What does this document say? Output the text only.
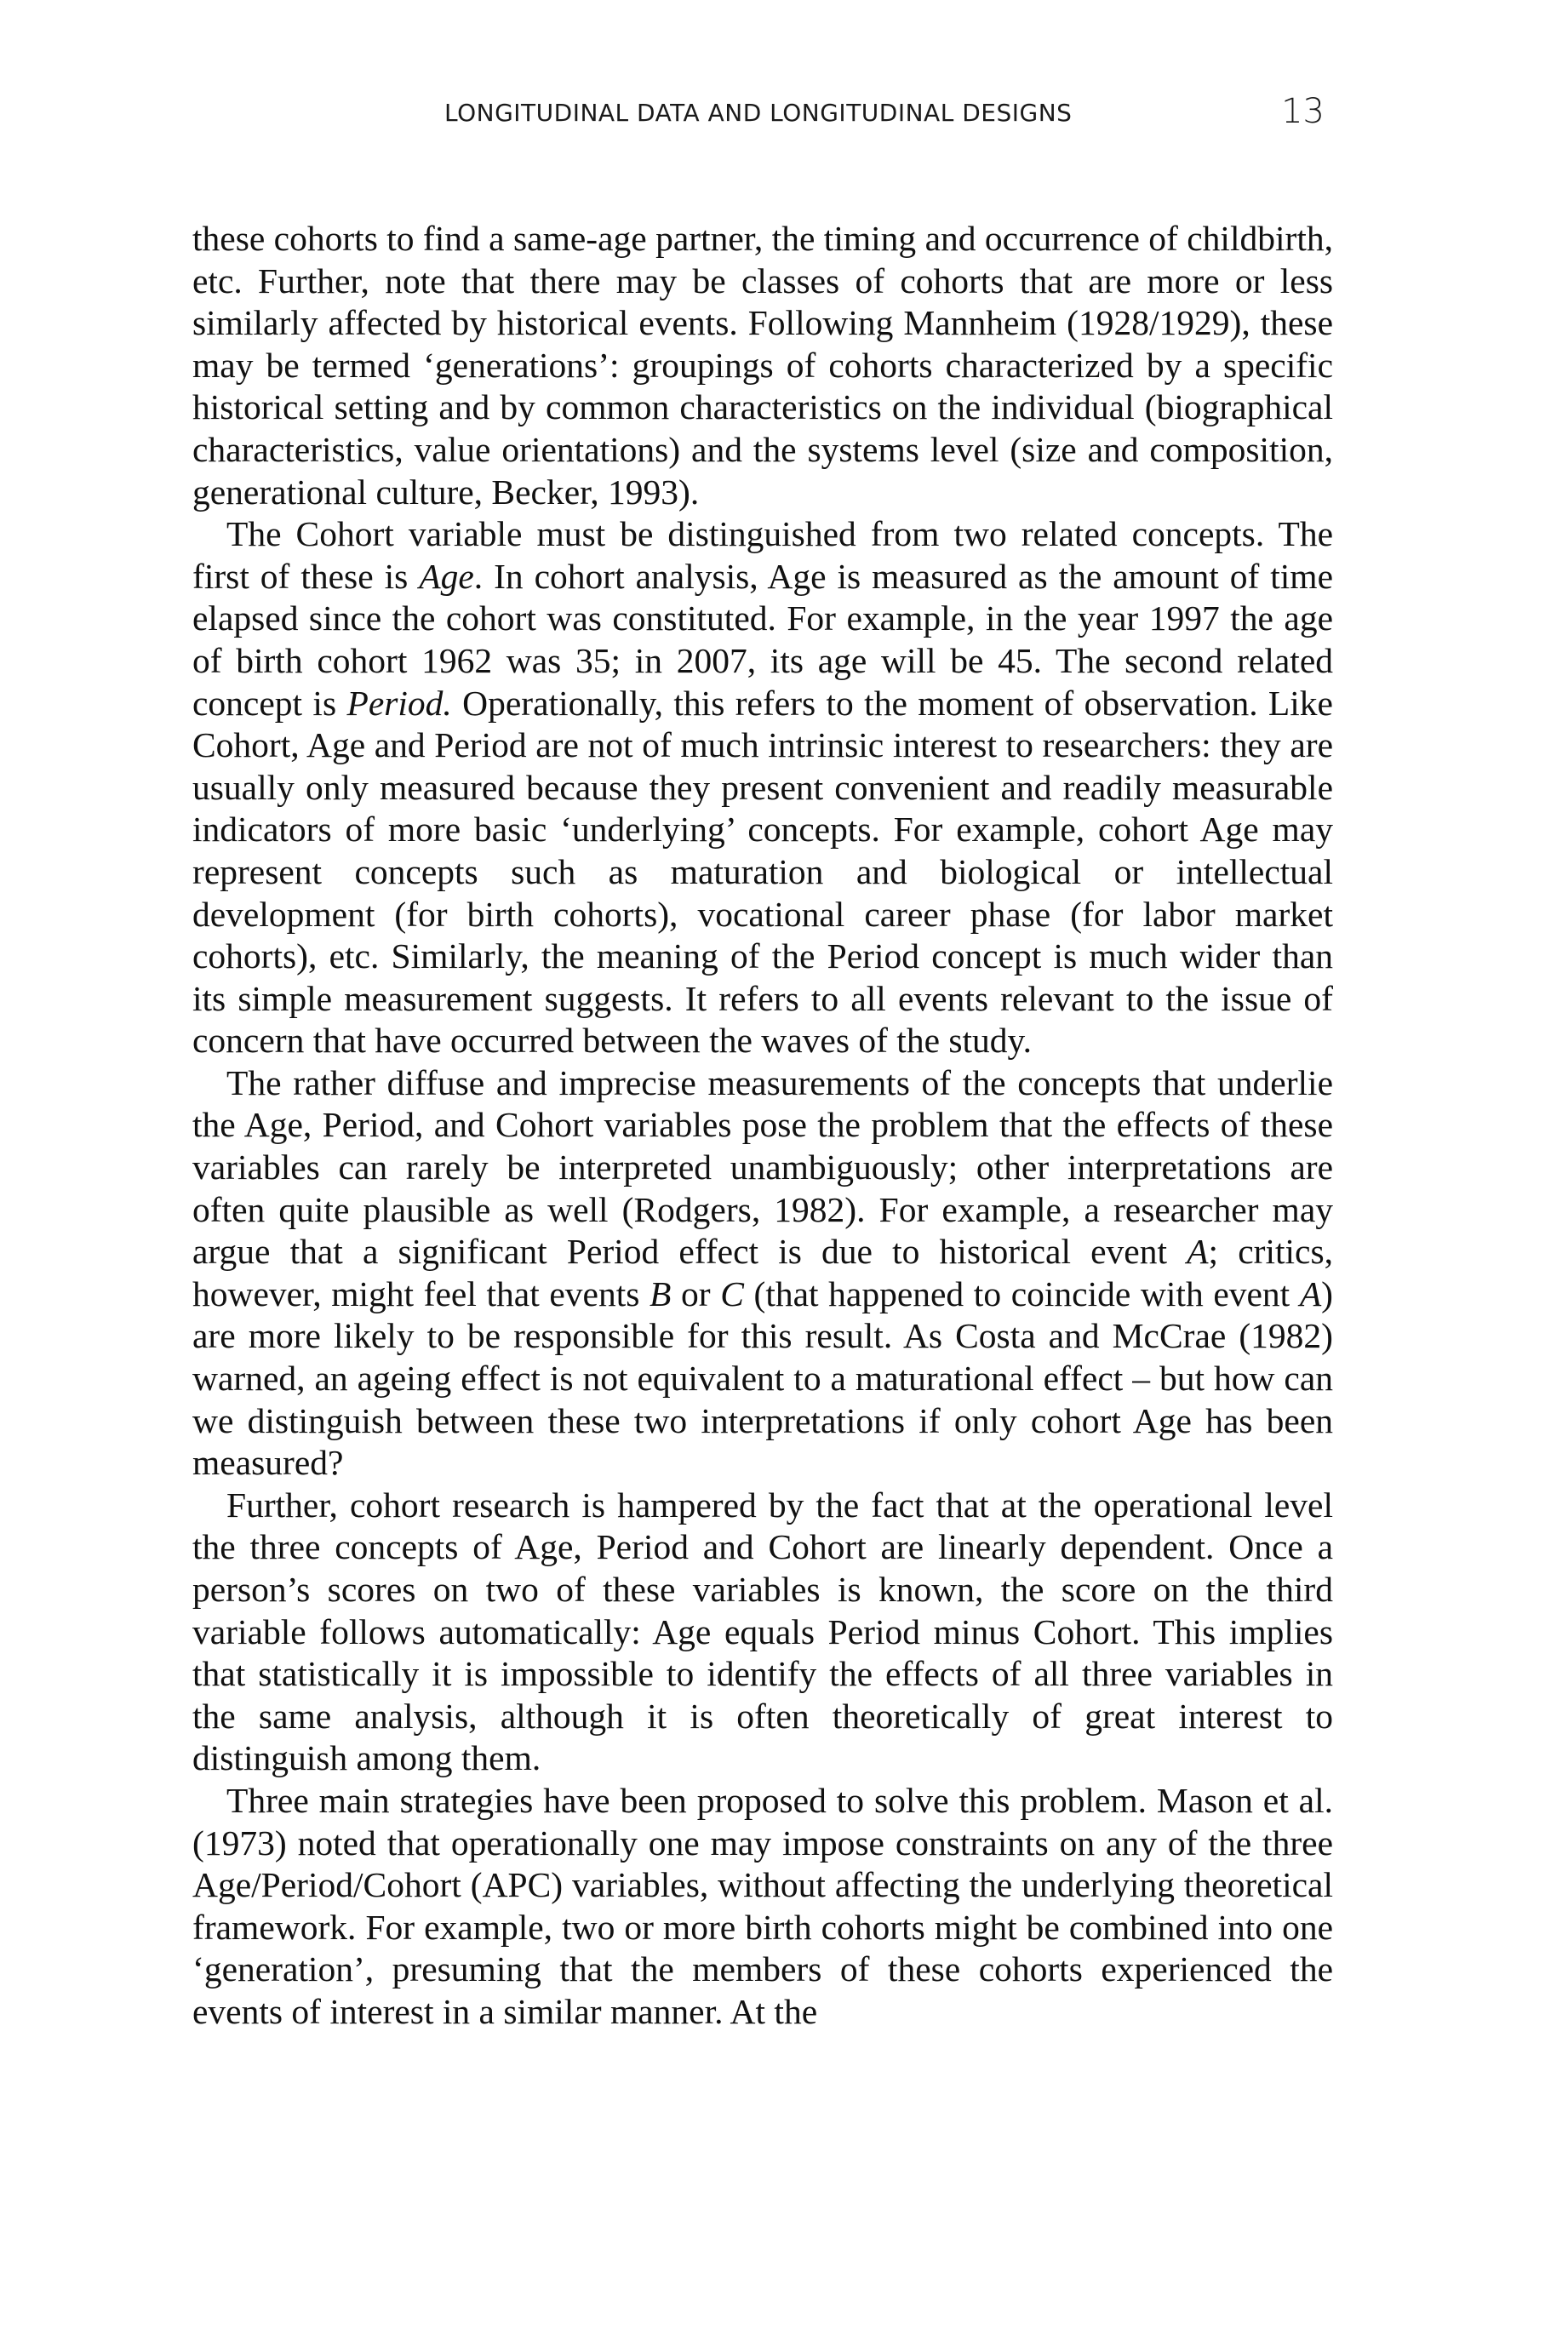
LONGITUDINAL DATA AND LONGITUDINAL DESIGNS	13

these cohorts to find a same-age partner, the timing and occurrence of childbirth, etc. Further, note that there may be classes of cohorts that are more or less similarly affected by historical events. Following Mannheim (1928/1929), these may be termed ‘generations’: groupings of cohorts characterized by a specific historical setting and by common characteristics on the individual (biographical characteristics, value orientations) and the systems level (size and composition, generational culture, Becker, 1993).

The Cohort variable must be distinguished from two related concepts. The first of these is Age. In cohort analysis, Age is measured as the amount of time elapsed since the cohort was constituted. For example, in the year 1997 the age of birth cohort 1962 was 35; in 2007, its age will be 45. The second related concept is Period. Operationally, this refers to the moment of observation. Like Cohort, Age and Period are not of much intrinsic interest to researchers: they are usually only measured because they present convenient and readily measurable indicators of more basic ‘underlying’ concepts. For example, cohort Age may represent concepts such as maturation and biological or intellectual development (for birth cohorts), vocational career phase (for labor market cohorts), etc. Similarly, the meaning of the Period concept is much wider than its simple measurement suggests. It refers to all events relevant to the issue of concern that have occurred between the waves of the study.

The rather diffuse and imprecise measurements of the concepts that underlie the Age, Period, and Cohort variables pose the problem that the effects of these variables can rarely be interpreted unambiguously; other interpretations are often quite plausible as well (Rodgers, 1982). For example, a researcher may argue that a significant Period effect is due to historical event A; critics, however, might feel that events B or C (that happened to coincide with event A) are more likely to be responsible for this result. As Costa and McCrae (1982) warned, an ageing effect is not equivalent to a maturational effect – but how can we distinguish between these two interpretations if only cohort Age has been measured?

Further, cohort research is hampered by the fact that at the operational level the three concepts of Age, Period and Cohort are linearly dependent. Once a person’s scores on two of these variables is known, the score on the third variable follows automatically: Age equals Period minus Cohort. This implies that statistically it is impossible to identify the effects of all three variables in the same analysis, although it is often theoretically of great interest to distinguish among them.

Three main strategies have been proposed to solve this problem. Mason et al. (1973) noted that operationally one may impose constraints on any of the three Age/Period/Cohort (APC) variables, without affecting the underlying theoretical framework. For example, two or more birth cohorts might be combined into one ‘generation’, presuming that the members of these cohorts experienced the events of interest in a similar manner. At the
